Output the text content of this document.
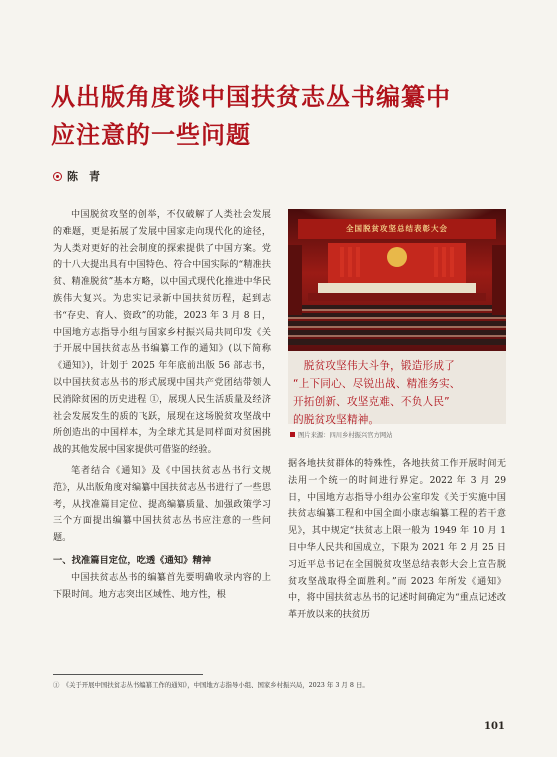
从出版角度谈中国扶贫志丛书编纂中
应注意的一些问题
陈　青

中国脱贫攻坚的创举，不仅破解了人类社会发展的难题，更是拓展了发展中国家走向现代化的途径，为人类对更好的社会制度的探索提供了中国方案。党的十八大提出具有中国特色、符合中国实际的“精准扶贫、精准脱贫”基本方略，以中国式现代化推进中华民族伟大复兴。为忠实记录新中国扶贫历程，起到志书“存史、育人、资政”的功能，2023 年 3 月 8 日，中国地方志指导小组与国家乡村振兴局共同印发《关于开展中国扶贫志丛书编纂工作的通知》(以下简称《通知》)，计划于 2025 年年底前出版 56 部志书，以中国扶贫志丛书的形式展现中国共产党团结带领人民消除贫困的历史进程 ①，展现人民生活质量及经济社会发展发生的质的飞跃，展现在这场脱贫攻坚战中所创造出的中国样本，为全球尤其是同样面对贫困挑战的其他发展中国家提供可借鉴的经验。

笔者结合《通知》及《中国扶贫志丛书行文规范》，从出版角度对编纂中国扶贫志丛书进行了一些思考，从找准篇目定位、提高编纂质量、加强政策学习三个方面提出编纂中国扶贫志丛书应注意的一些问题。

一、找准篇目定位，吃透《通知》精神

中国扶贫志丛书的编纂首先要明确收录内容的上下限时间。地方志突出区域性、地方性，根

全国脱贫攻坚总结表彰大会
　脱贫攻坚伟大斗争，锻造形成了
“上下同心、尽锐出战、精准务实、
开拓创新、攻坚克难、不负人民”
的脱贫攻坚精神。
图片来源：四川乡村振兴官方网站

据各地扶贫群体的特殊性，各地扶贫工作开展时间无法用一个统一的时间进行界定。2022 年 3 月 29 日，中国地方志指导小组办公室印发《关于实施中国扶贫志编纂工程和中国全面小康志编纂工程的若干意见》，其中规定“扶贫志上限一般为 1949 年 10 月 1 日中华人民共和国成立，下限为 2021 年 2 月 25 日习近平总书记在全国脱贫攻坚总结表彰大会上宣告脱贫攻坚战取得全面胜利。”而 2023 年所发《通知》中，将中国扶贫志丛书的记述时间确定为“重点记述改革开放以来的扶贫历

①　《关于开展中国扶贫志丛书编纂工作的通知》，中国地方志指导小组、国家乡村振兴局，2023 年 3 月 8 日。
101
